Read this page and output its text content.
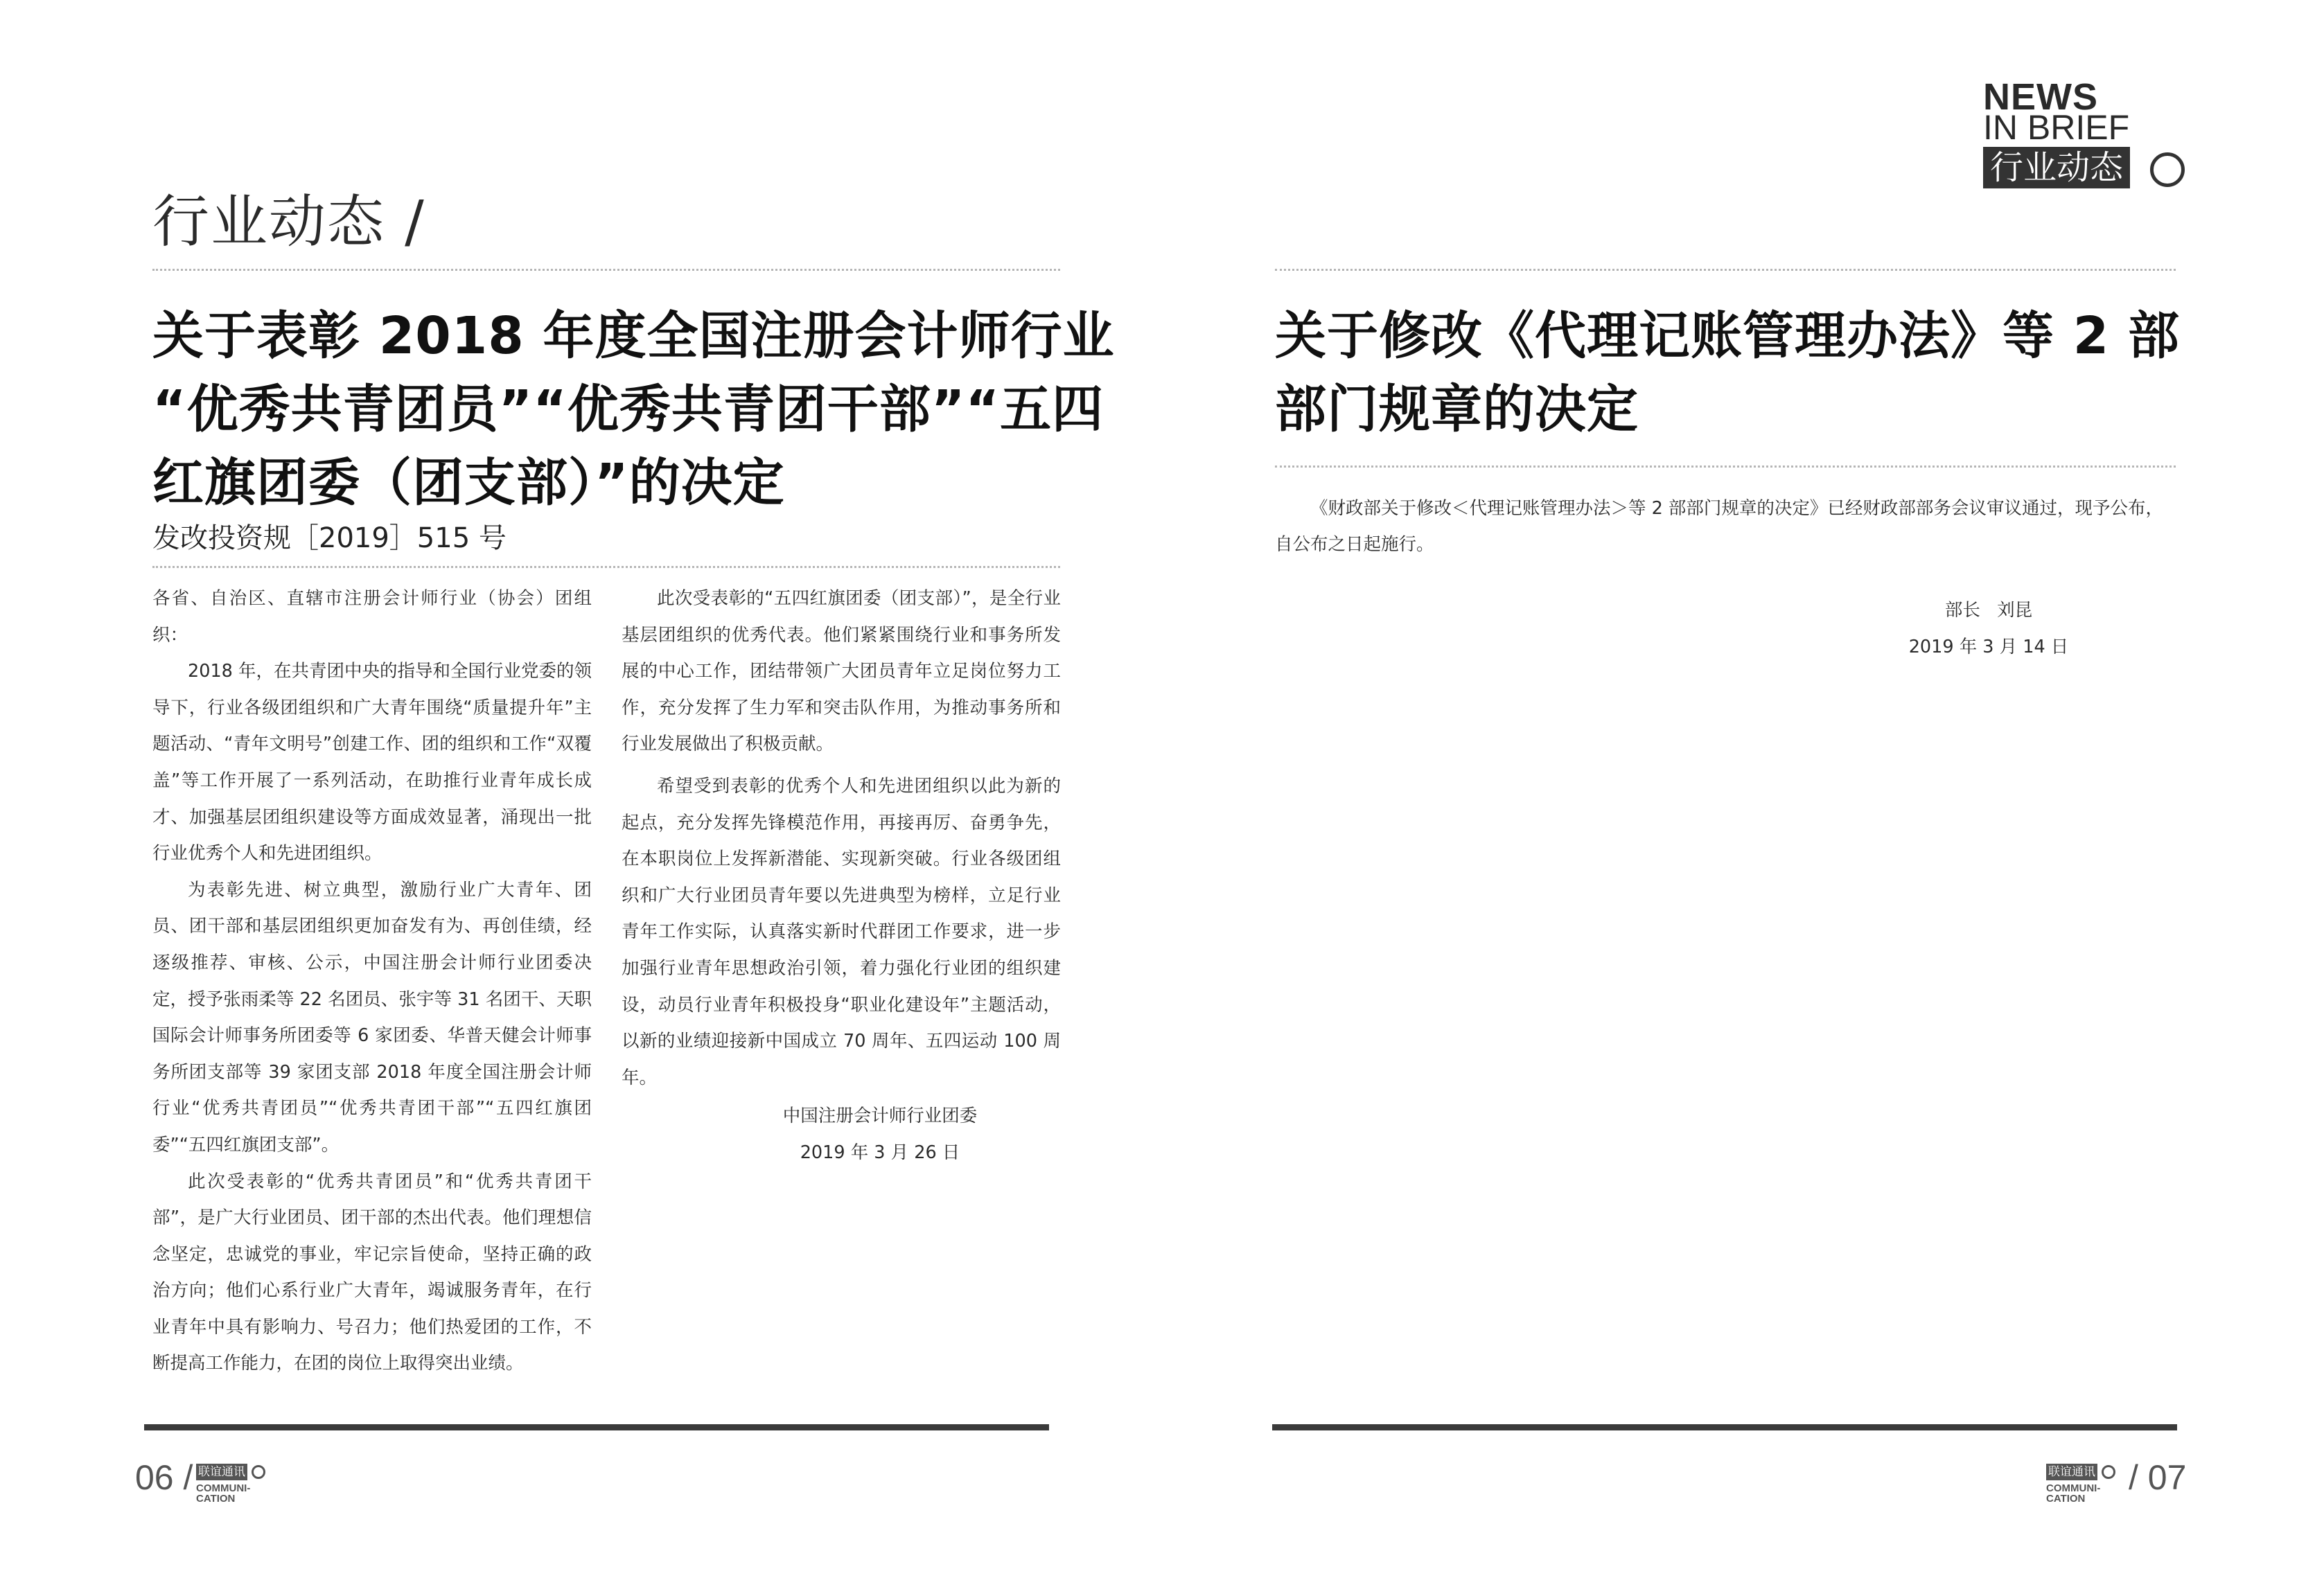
行业动态 /
关于表彰 2018 年度全国注册会计师行业
“优秀共青团员”“优秀共青团干部”“五四
红旗团委（团支部）”的决定
发改投资规［2019］515 号

各省、自治区、直辖市注册会计师行业（协会）团组织：

2018 年，在共青团中央的指导和全国行业党委的领导下，行业各级团组织和广大青年围绕“质量提升年”主题活动、“青年文明号”创建工作、团的组织和工作“双覆盖”等工作开展了一系列活动，在助推行业青年成长成才、加强基层团组织建设等方面成效显著，涌现出一批行业优秀个人和先进团组织。

为表彰先进、树立典型，激励行业广大青年、团员、团干部和基层团组织更加奋发有为、再创佳绩，经逐级推荐、审核、公示，中国注册会计师行业团委决定，授予张雨柔等 22 名团员、张宇等 31 名团干、天职国际会计师事务所团委等 6 家团委、华普天健会计师事务所团支部等 39 家团支部 2018 年度全国注册会计师行业“优秀共青团员”“优秀共青团干部”“五四红旗团委”“五四红旗团支部”。

此次受表彰的“优秀共青团员”和“优秀共青团干部”，是广大行业团员、团干部的杰出代表。他们理想信念坚定，忠诚党的事业，牢记宗旨使命，坚持正确的政治方向；他们心系行业广大青年，竭诚服务青年，在行业青年中具有影响力、号召力；他们热爱团的工作，不断提高工作能力，在团的岗位上取得突出业绩。

此次受表彰的“五四红旗团委（团支部）”，是全行业基层团组织的优秀代表。他们紧紧围绕行业和事务所发展的中心工作，团结带领广大团员青年立足岗位努力工作，充分发挥了生力军和突击队作用，为推动事务所和行业发展做出了积极贡献。

希望受到表彰的优秀个人和先进团组织以此为新的起点，充分发挥先锋模范作用，再接再厉、奋勇争先，在本职岗位上发挥新潜能、实现新突破。行业各级团组织和广大行业团员青年要以先进典型为榜样，立足行业青年工作实际，认真落实新时代群团工作要求，进一步加强行业青年思想政治引领，着力强化行业团的组织建设，动员行业青年积极投身“职业化建设年”主题活动，以新的业绩迎接新中国成立 70 周年、五四运动 100 周年。

中国注册会计师行业团委
2019 年 3 月 26 日
NEWS
IN BRIEF
行业动态
关于修改《代理记账管理办法》等 2 部
部门规章的决定

《财政部关于修改＜代理记账管理办法＞等 2 部部门规章的决定》已经财政部部务会议审议通过，现予公布，

自公布之日起施行。

部长   刘昆
2019 年 3 月 14 日
06 / 联谊通讯
COMMUNI-
CATION
联谊通讯
COMMUNI-
CATION
/ 07
